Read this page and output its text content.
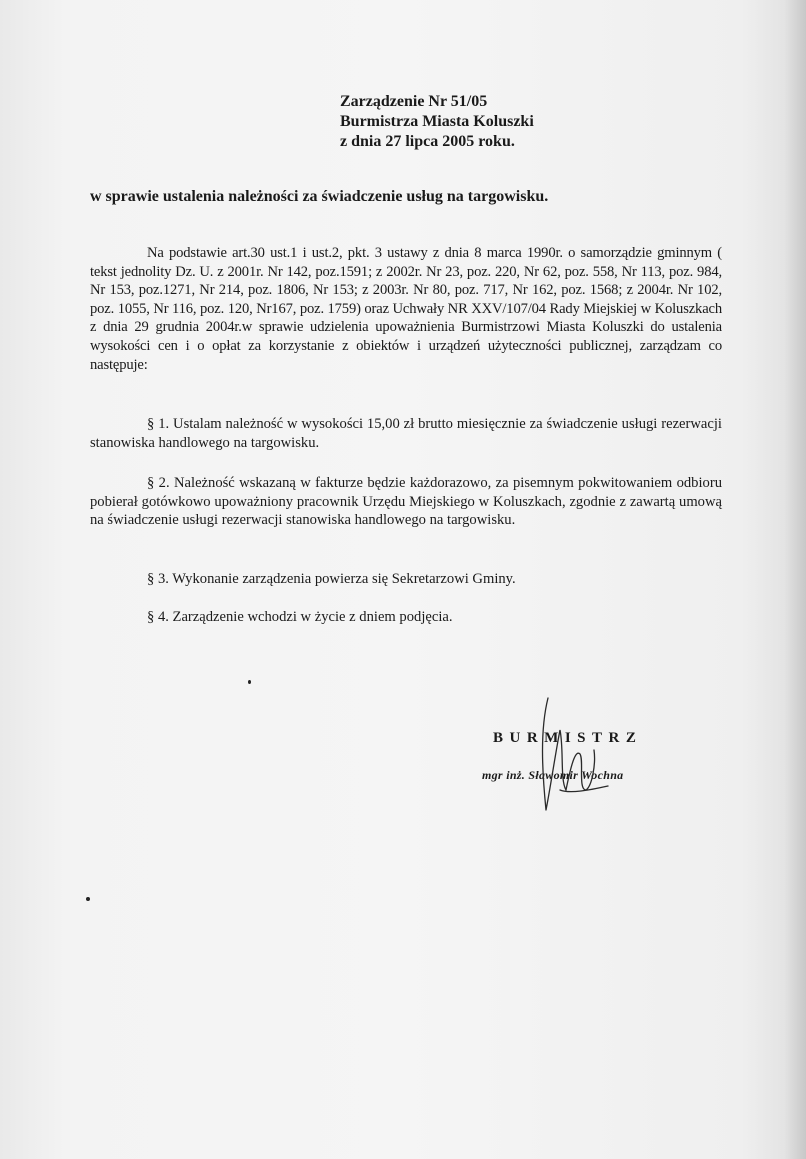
Zarządzenie Nr 51/05
Burmistrza Miasta Koluszki
z dnia 27 lipca 2005 roku.
w sprawie ustalenia należności za świadczenie usług na targowisku.

Na podstawie art.30 ust.1 i ust.2, pkt. 3 ustawy z dnia 8 marca 1990r. o samorządzie gminnym ( tekst jednolity Dz. U. z 2001r. Nr 142, poz.1591; z 2002r. Nr 23, poz. 220, Nr 62, poz. 558, Nr 113, poz. 984, Nr 153, poz.1271, Nr 214, poz. 1806, Nr 153; z 2003r. Nr 80, poz. 717, Nr 162, poz. 1568; z 2004r. Nr 102, poz. 1055, Nr 116, poz. 120, Nr167, poz. 1759) oraz Uchwały NR XXV/107/04 Rady Miejskiej w Koluszkach z dnia 29 grudnia 2004r.w sprawie udzielenia upoważnienia Burmistrzowi Miasta Koluszki do ustalenia wysokości cen i o opłat za korzystanie z obiektów i urządzeń użyteczności publicznej, zarządzam co następuje:

§ 1. Ustalam należność w wysokości 15,00 zł brutto miesięcznie za świadczenie usługi rezerwacji stanowiska handlowego na targowisku.

§ 2. Należność wskazaną w fakturze będzie każdorazowo, za pisemnym pokwitowaniem odbioru pobierał gotówkowo upoważniony pracownik Urzędu Miejskiego w Koluszkach, zgodnie z zawartą umową na świadczenie usługi rezerwacji stanowiska handlowego na targowisku.

§ 3. Wykonanie zarządzenia powierza się Sekretarzowi Gminy.

§ 4. Zarządzenie wchodzi w życie z dniem podjęcia.

BURMISTRZ
mgr inż. Sławomir Wochna
